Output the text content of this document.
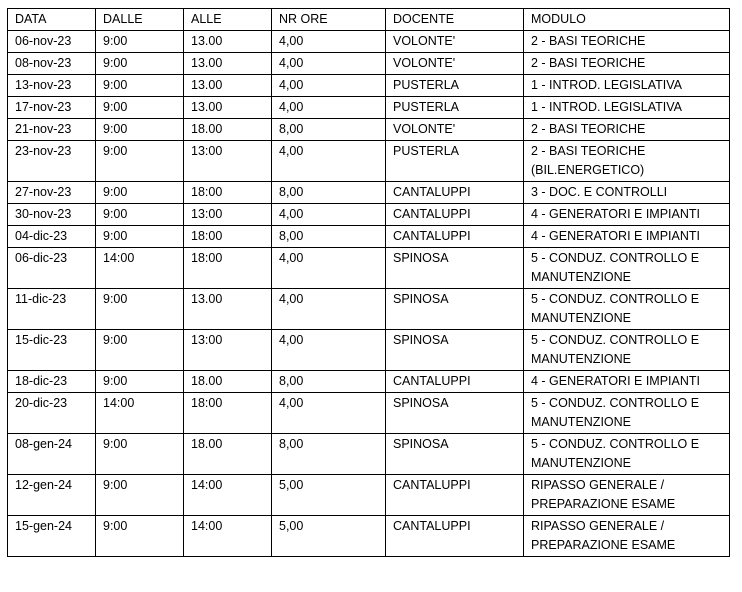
DATA	DALLE	ALLE	NR ORE	DOCENTE	MODULO
06-nov-23	9:00	13.00	4,00	VOLONTE'	2 - BASI TEORICHE
08-nov-23	9:00	13.00	4,00	VOLONTE'	2 - BASI TEORICHE
13-nov-23	9:00	13.00	4,00	PUSTERLA	1 - INTROD. LEGISLATIVA
17-nov-23	9:00	13.00	4,00	PUSTERLA	1 - INTROD. LEGISLATIVA
21-nov-23	9:00	18.00	8,00	VOLONTE'	2 - BASI TEORICHE
23-nov-23	9:00	13:00	4,00	PUSTERLA	2 - BASI TEORICHE (BIL.ENERGETICO)
27-nov-23	9:00	18:00	8,00	CANTALUPPI	3 - DOC. E CONTROLLI
30-nov-23	9:00	13:00	4,00	CANTALUPPI	4 - GENERATORI E IMPIANTI
04-dic-23	9:00	18:00	8,00	CANTALUPPI	4 - GENERATORI E IMPIANTI
06-dic-23	14:00	18:00	4,00	SPINOSA	5 - CONDUZ. CONTROLLO E MANUTENZIONE
11-dic-23	9:00	13.00	4,00	SPINOSA	5 - CONDUZ. CONTROLLO E MANUTENZIONE
15-dic-23	9:00	13:00	4,00	SPINOSA	5 - CONDUZ. CONTROLLO E MANUTENZIONE
18-dic-23	9:00	18.00	8,00	CANTALUPPI	4 - GENERATORI E IMPIANTI
20-dic-23	14:00	18:00	4,00	SPINOSA	5 - CONDUZ. CONTROLLO E MANUTENZIONE
08-gen-24	9:00	18.00	8,00	SPINOSA	5 - CONDUZ. CONTROLLO E MANUTENZIONE
12-gen-24	9:00	14:00	5,00	CANTALUPPI	RIPASSO GENERALE / PREPARAZIONE ESAME
15-gen-24	9:00	14:00	5,00	CANTALUPPI	RIPASSO GENERALE / PREPARAZIONE ESAME
